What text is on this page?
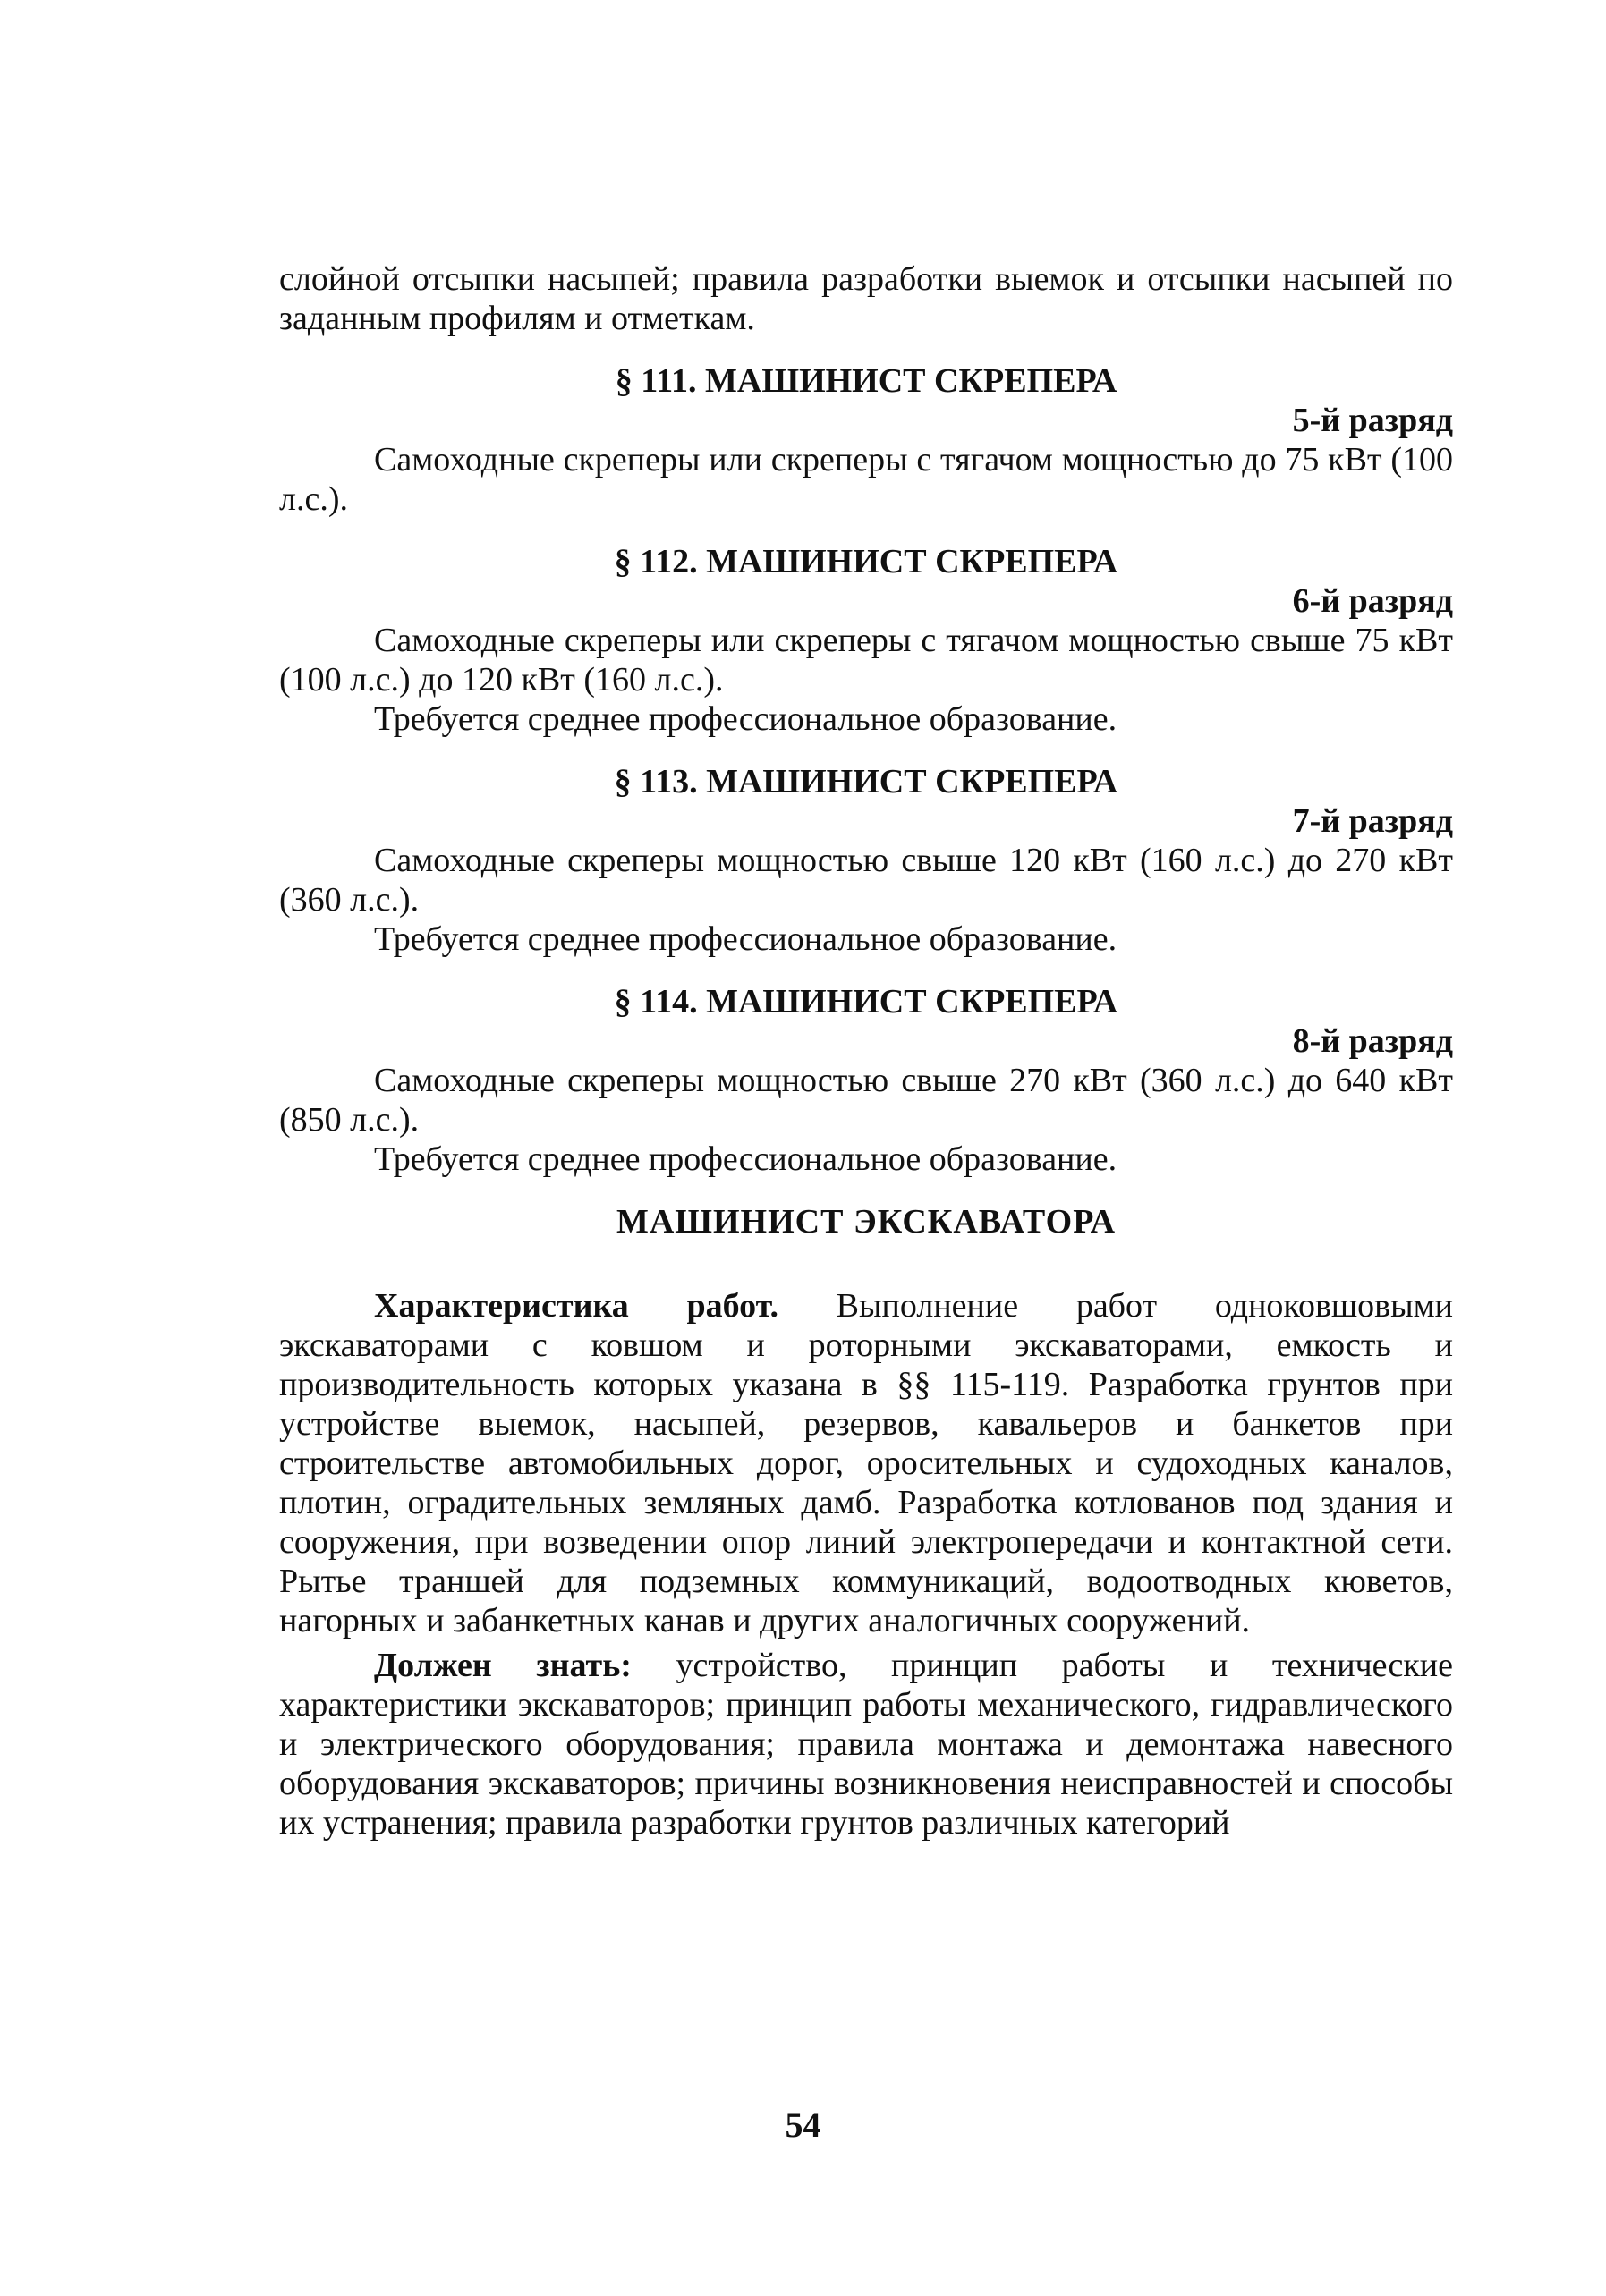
слойной отсыпки насыпей; правила разработки выемок и отсыпки насыпей по заданным профилям и отметкам.

§ 111. МАШИНИСТ СКРЕПЕРА

5-й разряд

Самоходные скреперы или скреперы с тягачом мощностью до 75 кВт (100 л.с.).

§ 112. МАШИНИСТ СКРЕПЕРА

6-й разряд

Самоходные скреперы или скреперы с тягачом мощностью свыше 75 кВт (100 л.с.) до 120 кВт (160 л.с.).

Требуется среднее профессиональное образование.

§ 113. МАШИНИСТ СКРЕПЕРА

7-й разряд

Самоходные скреперы мощностью свыше 120 кВт (160 л.с.) до 270 кВт (360 л.с.).

Требуется среднее профессиональное образование.

§ 114. МАШИНИСТ СКРЕПЕРА

8-й разряд

Самоходные скреперы мощностью свыше 270 кВт (360 л.с.) до 640 кВт (850 л.с.).

Требуется среднее профессиональное образование.

МАШИНИСТ ЭКСКАВАТОРА

Характеристика работ. Выполнение работ одноковшовыми экскаваторами с ковшом и роторными экскаваторами, емкость и производительность которых указана в §§ 115-119. Разработка грунтов при устройстве выемок, насыпей, резервов, кавальеров и банкетов при строительстве автомобильных дорог, оросительных и судоходных каналов, плотин, оградительных земляных дамб. Разработка котлованов под здания и сооружения, при возведении опор линий электропередачи и контактной сети. Рытье траншей для подземных коммуникаций, водоотводных кюветов, нагорных и забанкетных канав и других аналогичных сооружений.

Должен знать: устройство, принцип работы и технические характеристики экскаваторов; принцип работы механического, гидравлического и электрического оборудования; правила монтажа и демонтажа навесного оборудования экскаваторов; причины возникновения неисправностей и способы их устранения; правила разработки грунтов различных категорий

54
